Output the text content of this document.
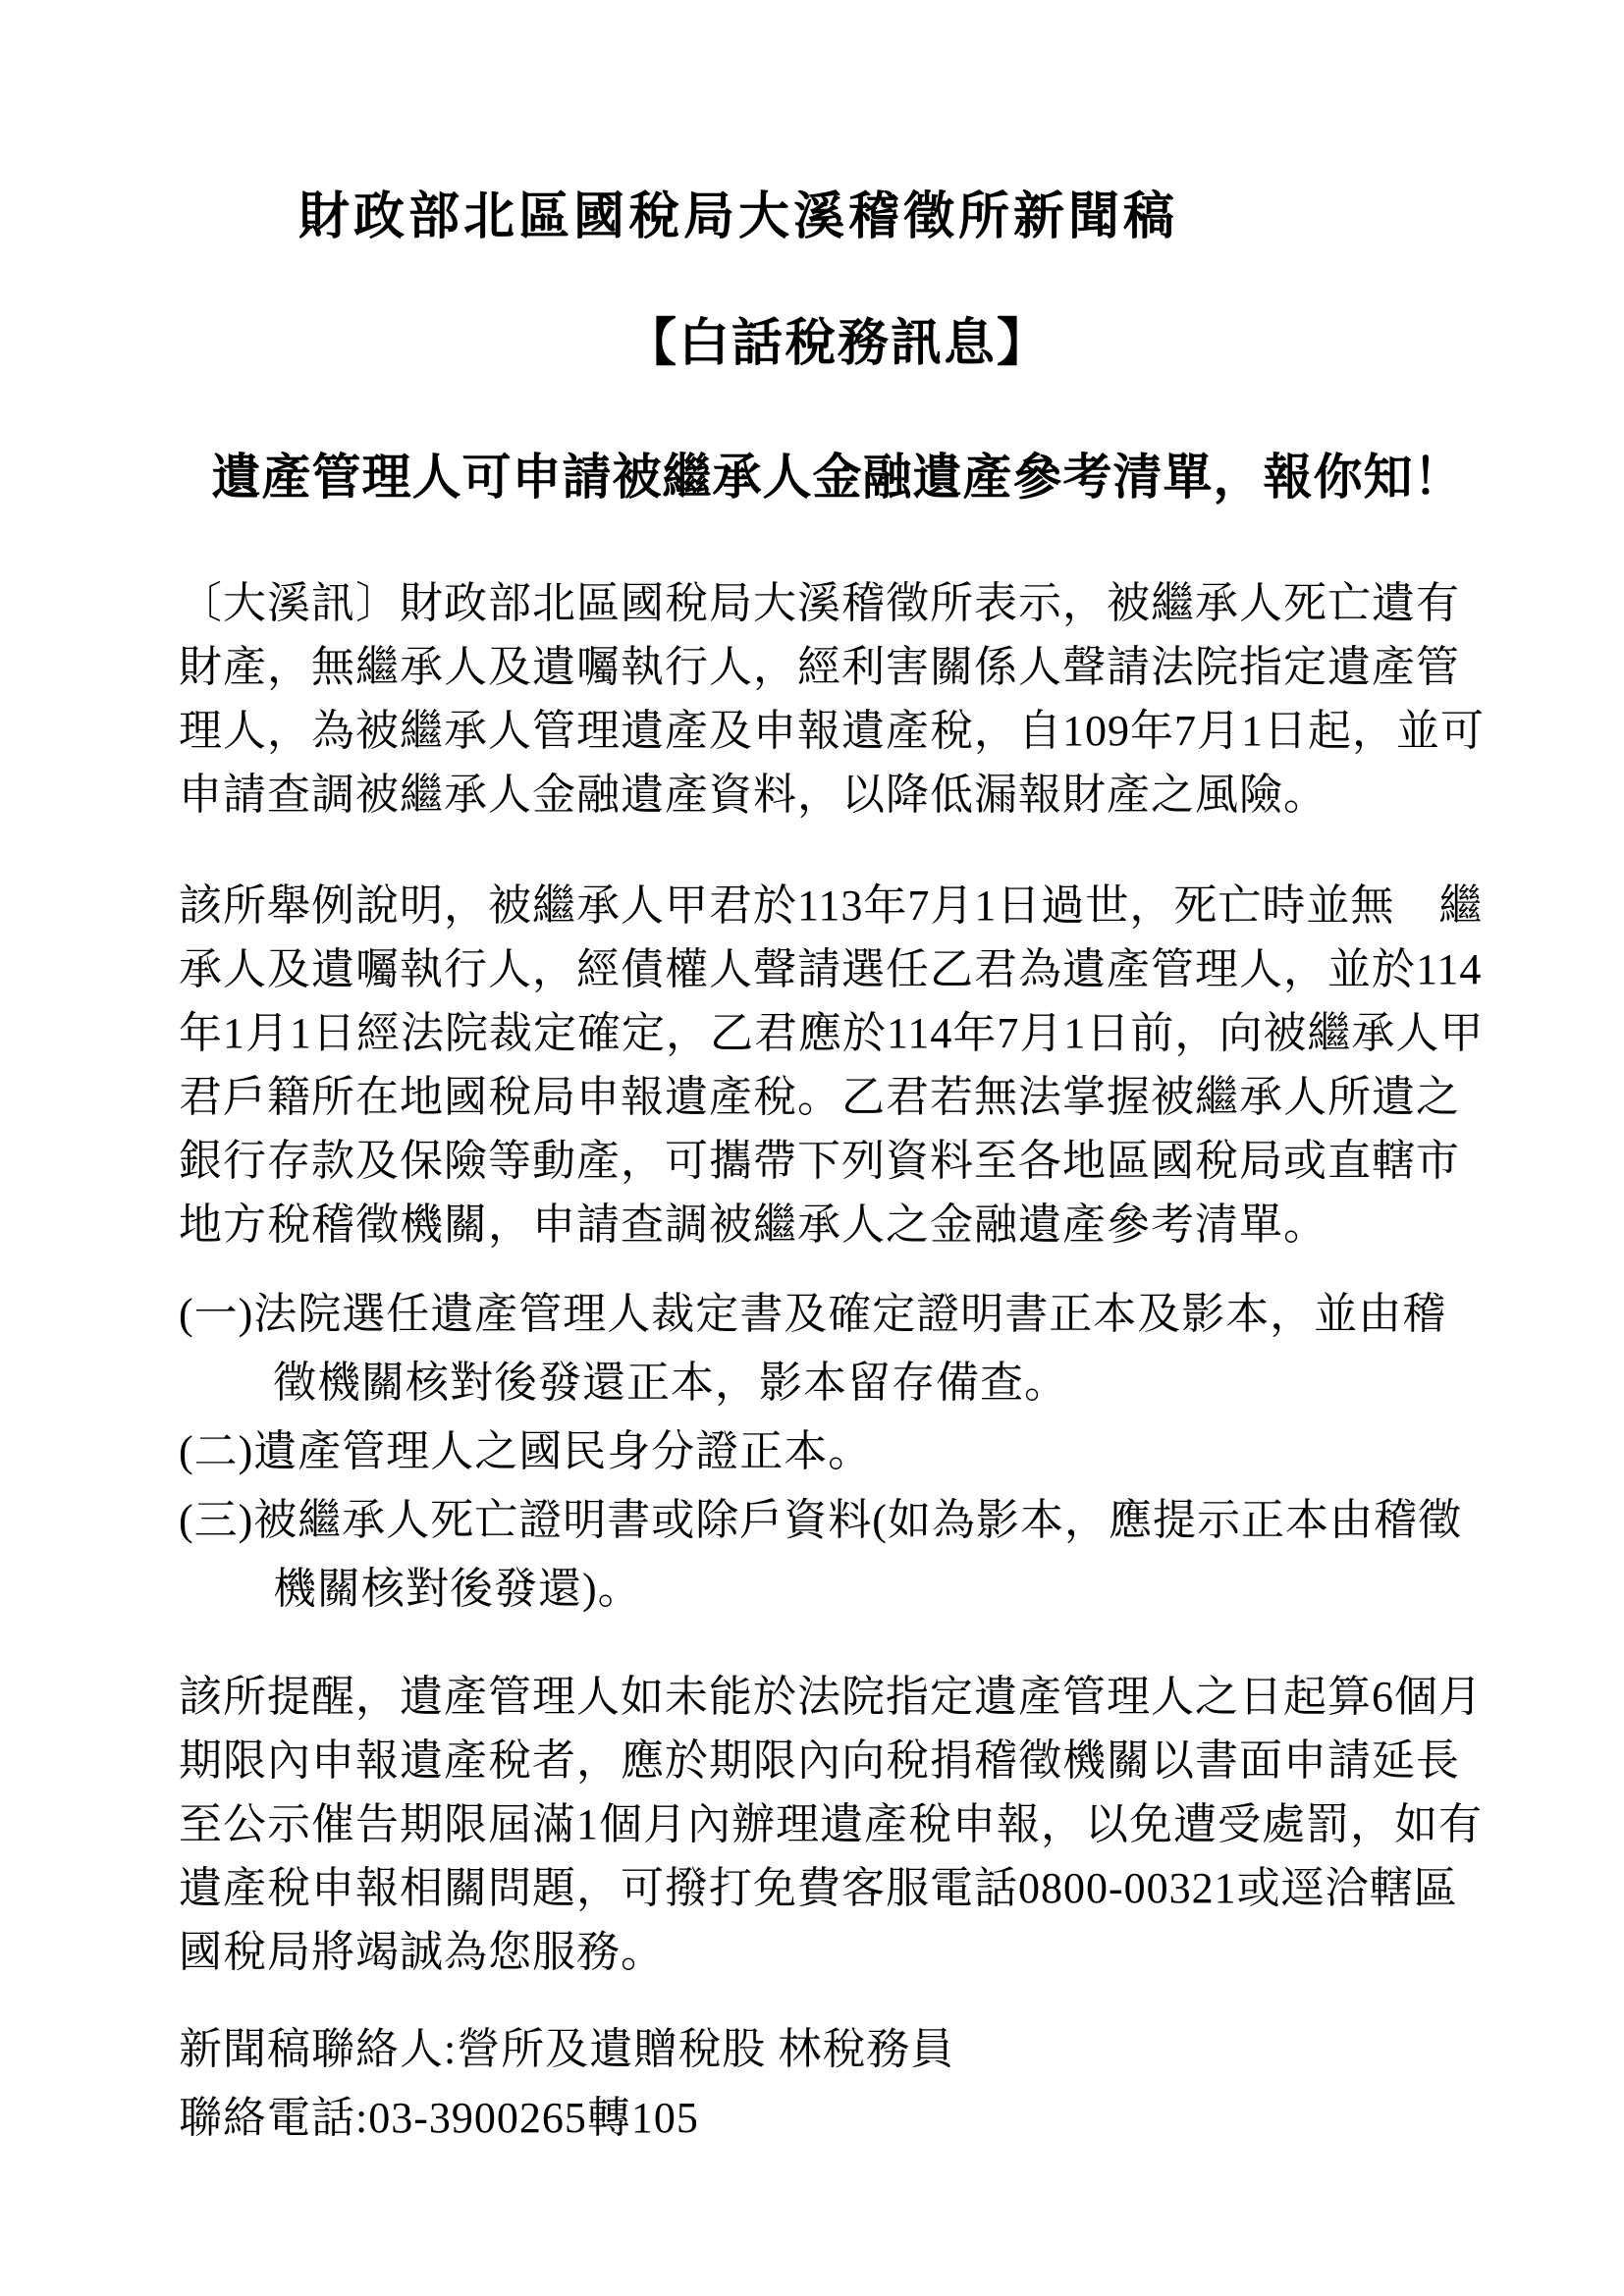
財政部北區國稅局大溪稽徵所新聞稿
【白話稅務訊息】
遺產管理人可申請被繼承人金融遺產參考清單，報你知！
〔大溪訊〕財政部北區國稅局大溪稽徵所表示，被繼承人死亡遺有
財產，無繼承人及遺囑執行人，經利害關係人聲請法院指定遺產管
理人，為被繼承人管理遺產及申報遺產稅，自109年7月1日起，並可
申請查調被繼承人金融遺產資料，以降低漏報財產之風險。
該所舉例說明，被繼承人甲君於113年7月1日過世，死亡時並無　繼
承人及遺囑執行人，經債權人聲請選任乙君為遺產管理人，並於114
年1月1日經法院裁定確定，乙君應於114年7月1日前，向被繼承人甲
君戶籍所在地國稅局申報遺產稅。乙君若無法掌握被繼承人所遺之
銀行存款及保險等動產，可攜帶下列資料至各地區國稅局或直轄市
地方稅稽徵機關，申請查調被繼承人之金融遺產參考清單。
(一)法院選任遺產管理人裁定書及確定證明書正本及影本，並由稽
徵機關核對後發還正本，影本留存備查。
(二)遺產管理人之國民身分證正本。
(三)被繼承人死亡證明書或除戶資料(如為影本，應提示正本由稽徵
機關核對後發還)。
該所提醒，遺產管理人如未能於法院指定遺產管理人之日起算6個月
期限內申報遺產稅者，應於期限內向稅捐稽徵機關以書面申請延長
至公示催告期限屆滿1個月內辦理遺產稅申報，以免遭受處罰，如有
遺產稅申報相關問題，可撥打免費客服電話0800-00321或逕洽轄區
國稅局將竭誠為您服務。
新聞稿聯絡人:營所及遺贈稅股 林稅務員
聯絡電話:03-3900265轉105
